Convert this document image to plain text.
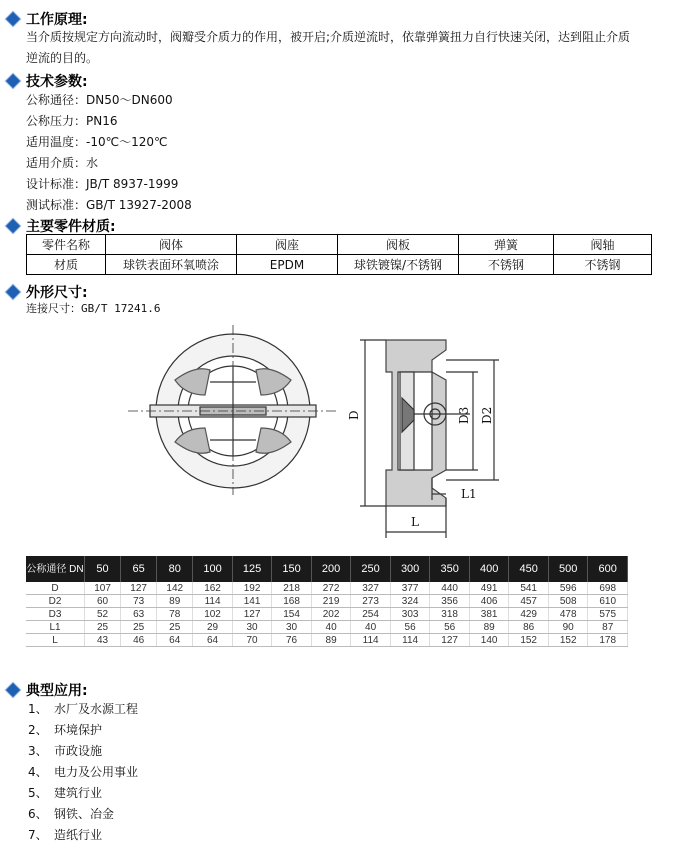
工作原理:
当介质按规定方向流动时，阀瓣受介质力的作用，被开启;介质逆流时，依靠弹簧扭力自行快速关闭，达到阻止介质
逆流的目的。
技术参数:
公称通径：DN50～DN600
公称压力：PN16
适用温度：-10℃～120℃
适用介质：水
设计标准：JB/T 8937-1999
测试标准：GB/T 13927-2008
主要零件材质:
零件名称	阀体	阀座	阀板	弹簧	阀轴
材质	球铁表面环氧喷涂	EPDM	球铁镀镍/不锈钢	不锈钢	不锈钢
外形尺寸:
连接尺寸：GB/T 17241.6
D	D3 D2
L1
L
公称通径 DN	50	65	80	100	125	150	200	250	300	350	400	450	500	600
D	107	127	142	162	192	218	272	327	377	440	491	541	596	698
D2	60	73	89	114	141	168	219	273	324	356	406	457	508	610
D3	52	63	78	102	127	154	202	254	303	318	381	429	478	575
L1	25	25	25	29	30	30	40	40	56	56	89	86	90	87
L	43	46	64	64	70	76	89	114	114	127	140	152	152	178
典型应用:
1、 水厂及水源工程
2、 环境保护
3、 市政设施
4、 电力及公用事业
5、 建筑行业
6、 钢铁、冶金
7、 造纸行业
